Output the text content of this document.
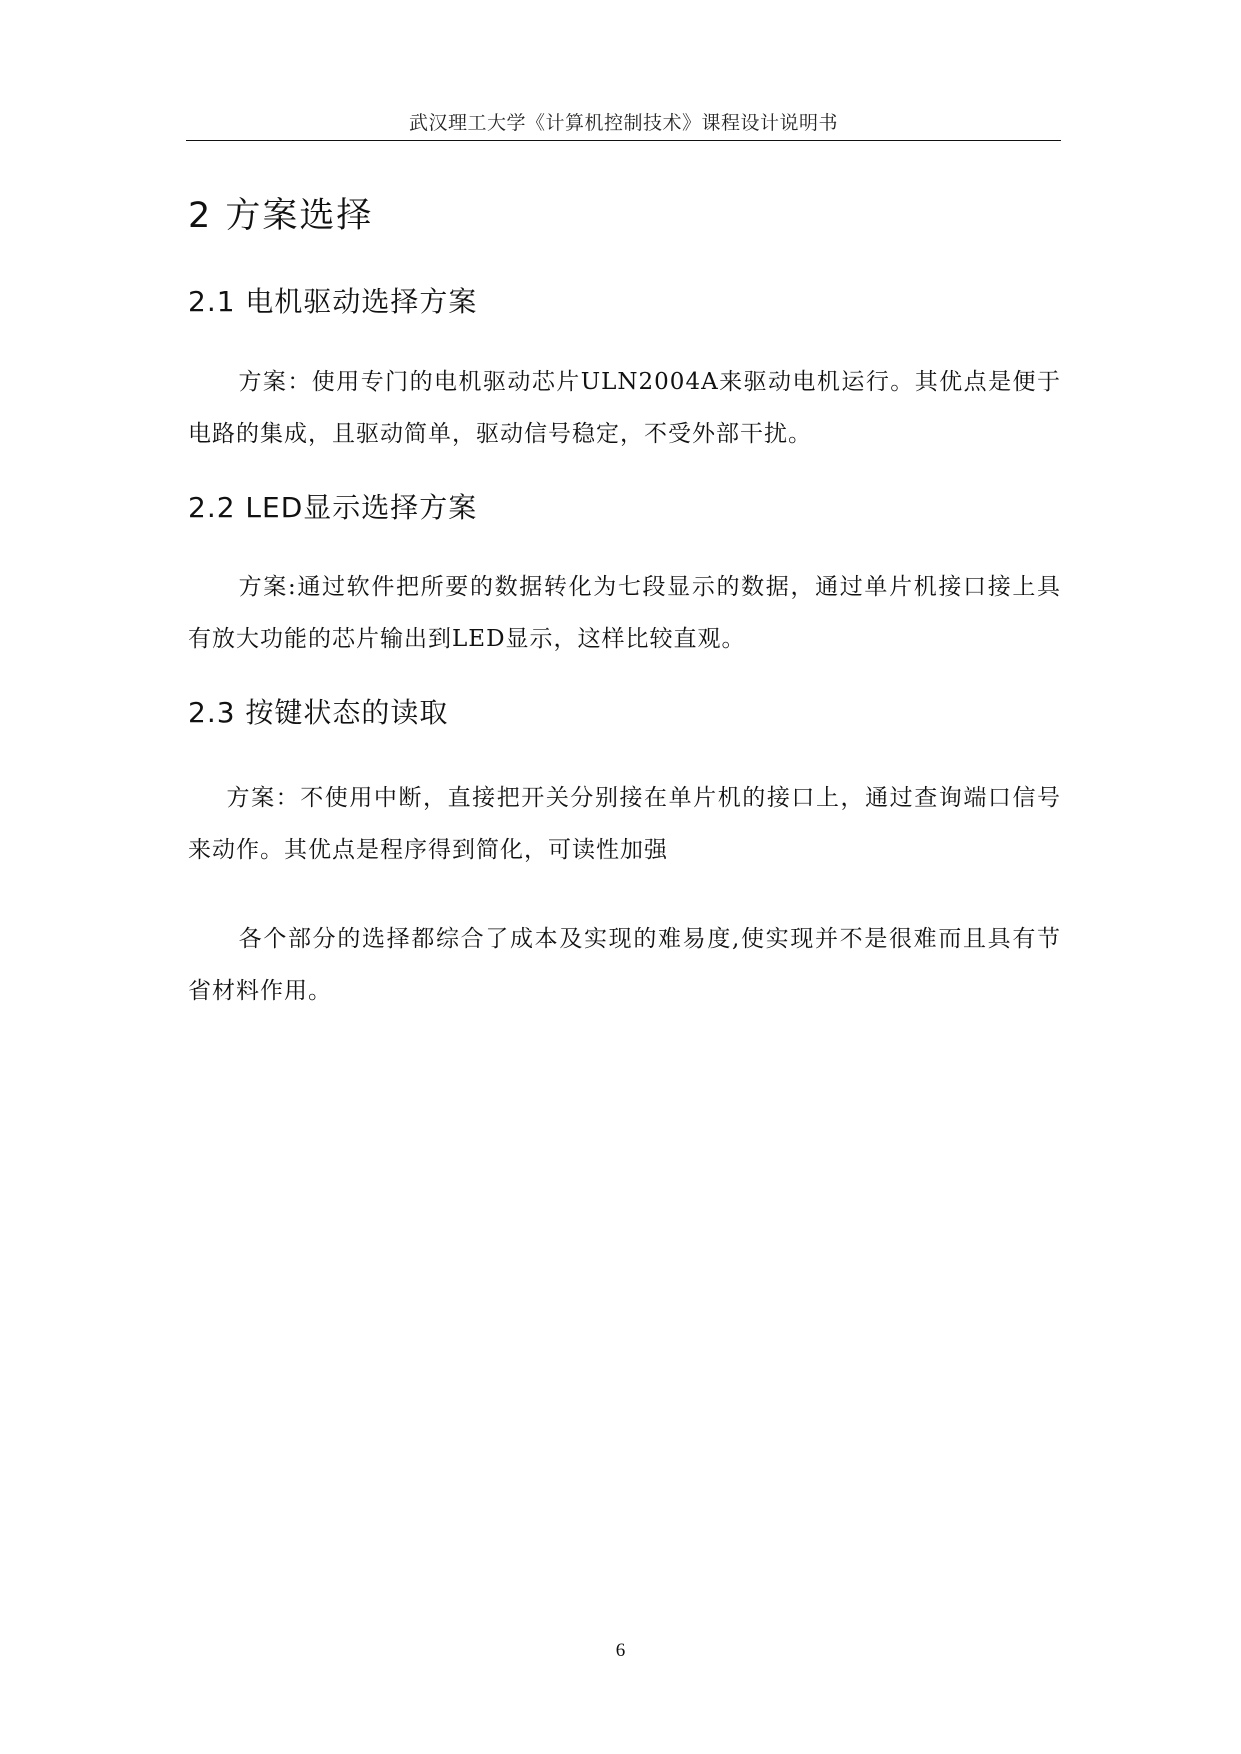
武汉理工大学《计算机控制技术》课程设计说明书
2 方案选择
2.1 电机驱动选择方案
方案：使用专门的电机驱动芯片ULN2004A来驱动电机运行。其优点是便于电路的集成，且驱动简单，驱动信号稳定，不受外部干扰。
2.2 LED显示选择方案
方案:通过软件把所要的数据转化为七段显示的数据，通过单片机接口接上具有放大功能的芯片输出到LED显示，这样比较直观。
2.3 按键状态的读取
方案：不使用中断，直接把开关分别接在单片机的接口上，通过查询端口信号来动作。其优点是程序得到简化，可读性加强
各个部分的选择都综合了成本及实现的难易度,使实现并不是很难而且具有节省材料作用。
6
